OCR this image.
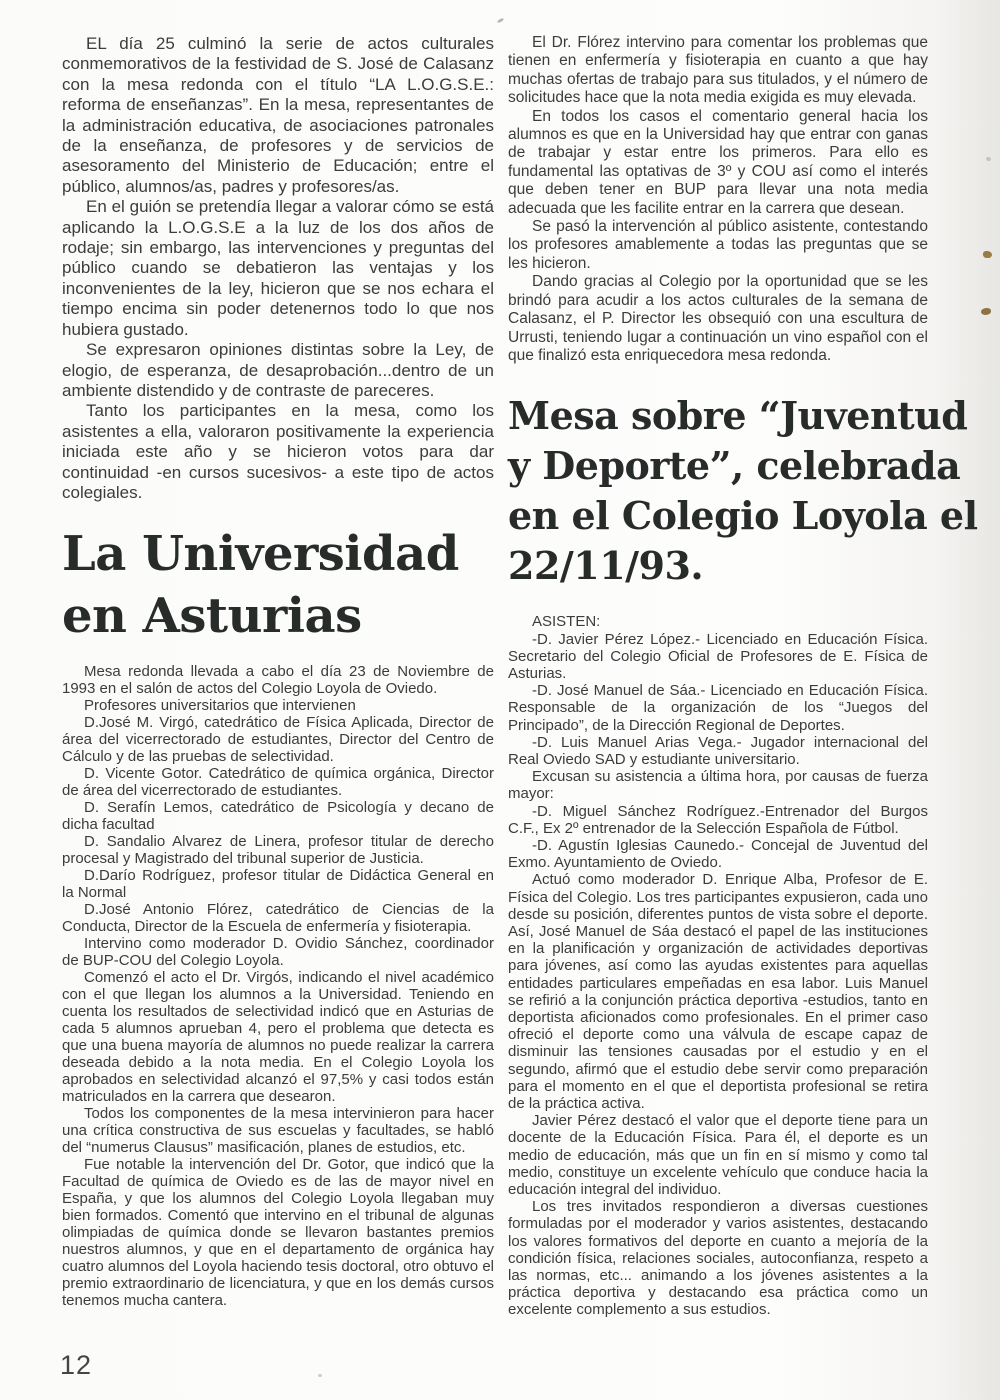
EL día 25 culminó la serie de actos culturales conmemorativos de la festividad de S. José de Calasanz con la mesa redonda con el título “LA L.O.G.S.E.: reforma de enseñanzas”. En la mesa, representantes de la administración educativa, de asociaciones patronales de la enseñanza, de profesores y de servicios de asesoramento del Ministerio de Educación; entre el público, alumnos/as, padres y profesores/as.

En el guión se pretendía llegar a valorar cómo se está aplicando la L.O.G.S.E a la luz de los dos años de rodaje; sin embargo, las intervenciones y preguntas del público cuando se debatieron las ventajas y los inconvenientes de la ley, hicieron que se nos echara el tiempo encima sin poder detenernos todo lo que nos hubiera gustado.

Se expresaron opiniones distintas sobre la Ley, de elogio, de esperanza, de desaprobación...dentro de un ambiente distendido y de contraste de pareceres.

Tanto los participantes en la mesa, como los asistentes a ella, valoraron positivamente la experiencia iniciada este año y se hicieron votos para dar continuidad -en cursos sucesivos- a este tipo de actos colegiales.

La Universidad
en Asturias

Mesa redonda llevada a cabo el día 23 de Noviembre de 1993 en el salón de actos del Colegio Loyola de Oviedo.

Profesores universitarios que intervienen

D.José M. Virgó, catedrático de Física Aplicada, Director de área del vicerrectorado de estudiantes, Director del Centro de Cálculo y de las pruebas de selectividad.

D. Vicente Gotor. Catedrático de química orgánica, Director de área del vicerrectorado de estudiantes.

D. Serafín Lemos, catedrático de Psicología y decano de dicha facultad

D. Sandalio Alvarez de Linera, profesor titular de derecho procesal y Magistrado del tribunal superior de Justicia.

D.Darío Rodríguez, profesor titular de Didáctica General en la Normal

D.José Antonio Flórez, catedrático de Ciencias de la Conducta, Director de la Escuela de enfermería y fisioterapia.

Intervino como moderador D. Ovidio Sánchez, coordinador de BUP-COU del Colegio Loyola.

Comenzó el acto el Dr. Virgós, indicando el nivel académico con el que llegan los alumnos a la Universidad. Teniendo en cuenta los resultados de selectividad indicó que en Asturias de cada 5 alumnos aprueban 4, pero el problema que detecta es que una buena mayoría de alumnos no puede realizar la carrera deseada debido a la nota media. En el Colegio Loyola los aprobados en selectividad alcanzó el 97,5% y casi todos están matriculados en la carrera que desearon.

Todos los componentes de la mesa intervinieron para hacer una crítica constructiva de sus escuelas y facultades, se habló del “numerus Clausus” masificación, planes de estudios, etc.

Fue notable la intervención del Dr. Gotor, que indicó que la Facultad de química de Oviedo es de las de mayor nivel en España, y que los alumnos del Colegio Loyola llegaban muy bien formados. Comentó que intervino en el tribunal de algunas olimpiadas de química donde se llevaron bastantes premios nuestros alumnos, y que en el departamento de orgánica hay cuatro alumnos del Loyola haciendo tesis doctoral, otro obtuvo el premio extraordinario de licenciatura, y que en los demás cursos tenemos mucha cantera.

El Dr. Flórez intervino para comentar los problemas que tienen en enfermería y fisioterapia en cuanto a que hay muchas ofertas de trabajo para sus titulados, y el número de solicitudes hace que la nota media exigida es muy elevada.

En todos los casos el comentario general hacia los alumnos es que en la Universidad hay que entrar con ganas de trabajar y estar entre los primeros. Para ello es fundamental las optativas de 3º y COU así como el interés que deben tener en BUP para llevar una nota media adecuada que les facilite entrar en la carrera que desean.

Se pasó la intervención al público asistente, contestando los profesores amablemente a todas las preguntas que se les hicieron.

Dando gracias al Colegio por la oportunidad que se les brindó para acudir a los actos culturales de la semana de Calasanz, el P. Director les obsequió con una escultura de Urrusti, teniendo lugar a continuación un vino español con el que finalizó esta enriquecedora mesa redonda.

Mesa sobre “Juventud
y Deporte”, celebrada
en el Colegio Loyola el
22/11/93.

ASISTEN:

-D. Javier Pérez López.- Licenciado en Educación Física. Secretario del Colegio Oficial de Profesores de E. Física de Asturias.

-D. José Manuel de Sáa.- Licenciado en Educación Física. Responsable de la organización de los “Juegos del Principado”, de la Dirección Regional de Deportes.

-D. Luis Manuel Arias Vega.- Jugador internacional del Real Oviedo SAD y estudiante universitario.

Excusan su asistencia a última hora, por causas de fuerza mayor:

-D. Miguel Sánchez Rodríguez.-Entrenador del Burgos C.F., Ex 2º entrenador de la Selección Española de Fútbol.

-D. Agustín Iglesias Caunedo.- Concejal de Juventud del Exmo. Ayuntamiento de Oviedo.

Actuó como moderador D. Enrique Alba, Profesor de E. Física del Colegio. Los tres participantes expusieron, cada uno desde su posición, diferentes puntos de vista sobre el deporte. Así, José Manuel de Sáa destacó el papel de las instituciones en la planificación y organización de actividades deportivas para jóvenes, así como las ayudas existentes para aquellas entidades particulares empeñadas en esa labor. Luis Manuel se refirió a la conjunción práctica deportiva -estudios, tanto en deportista aficionados como profesionales. En el primer caso ofreció el deporte como una válvula de escape capaz de disminuir las tensiones causadas por el estudio y en el segundo, afirmó que el estudio debe servir como preparación para el momento en el que el deportista profesional se retira de la práctica activa.

Javier Pérez destacó el valor que el deporte tiene para un docente de la Educación Física. Para él, el deporte es un medio de educación, más que un fin en sí mismo y como tal medio, constituye un excelente vehículo que conduce hacia la educación integral del individuo.

Los tres invitados respondieron a diversas cuestiones formuladas por el moderador y varios asistentes, destacando los valores formativos del deporte en cuanto a mejoría de la condición física, relaciones sociales, autoconfianza, respeto a las normas, etc... animando a los jóvenes asistentes a la práctica deportiva y destacando esa práctica como un excelente complemento a sus estudios.

12
